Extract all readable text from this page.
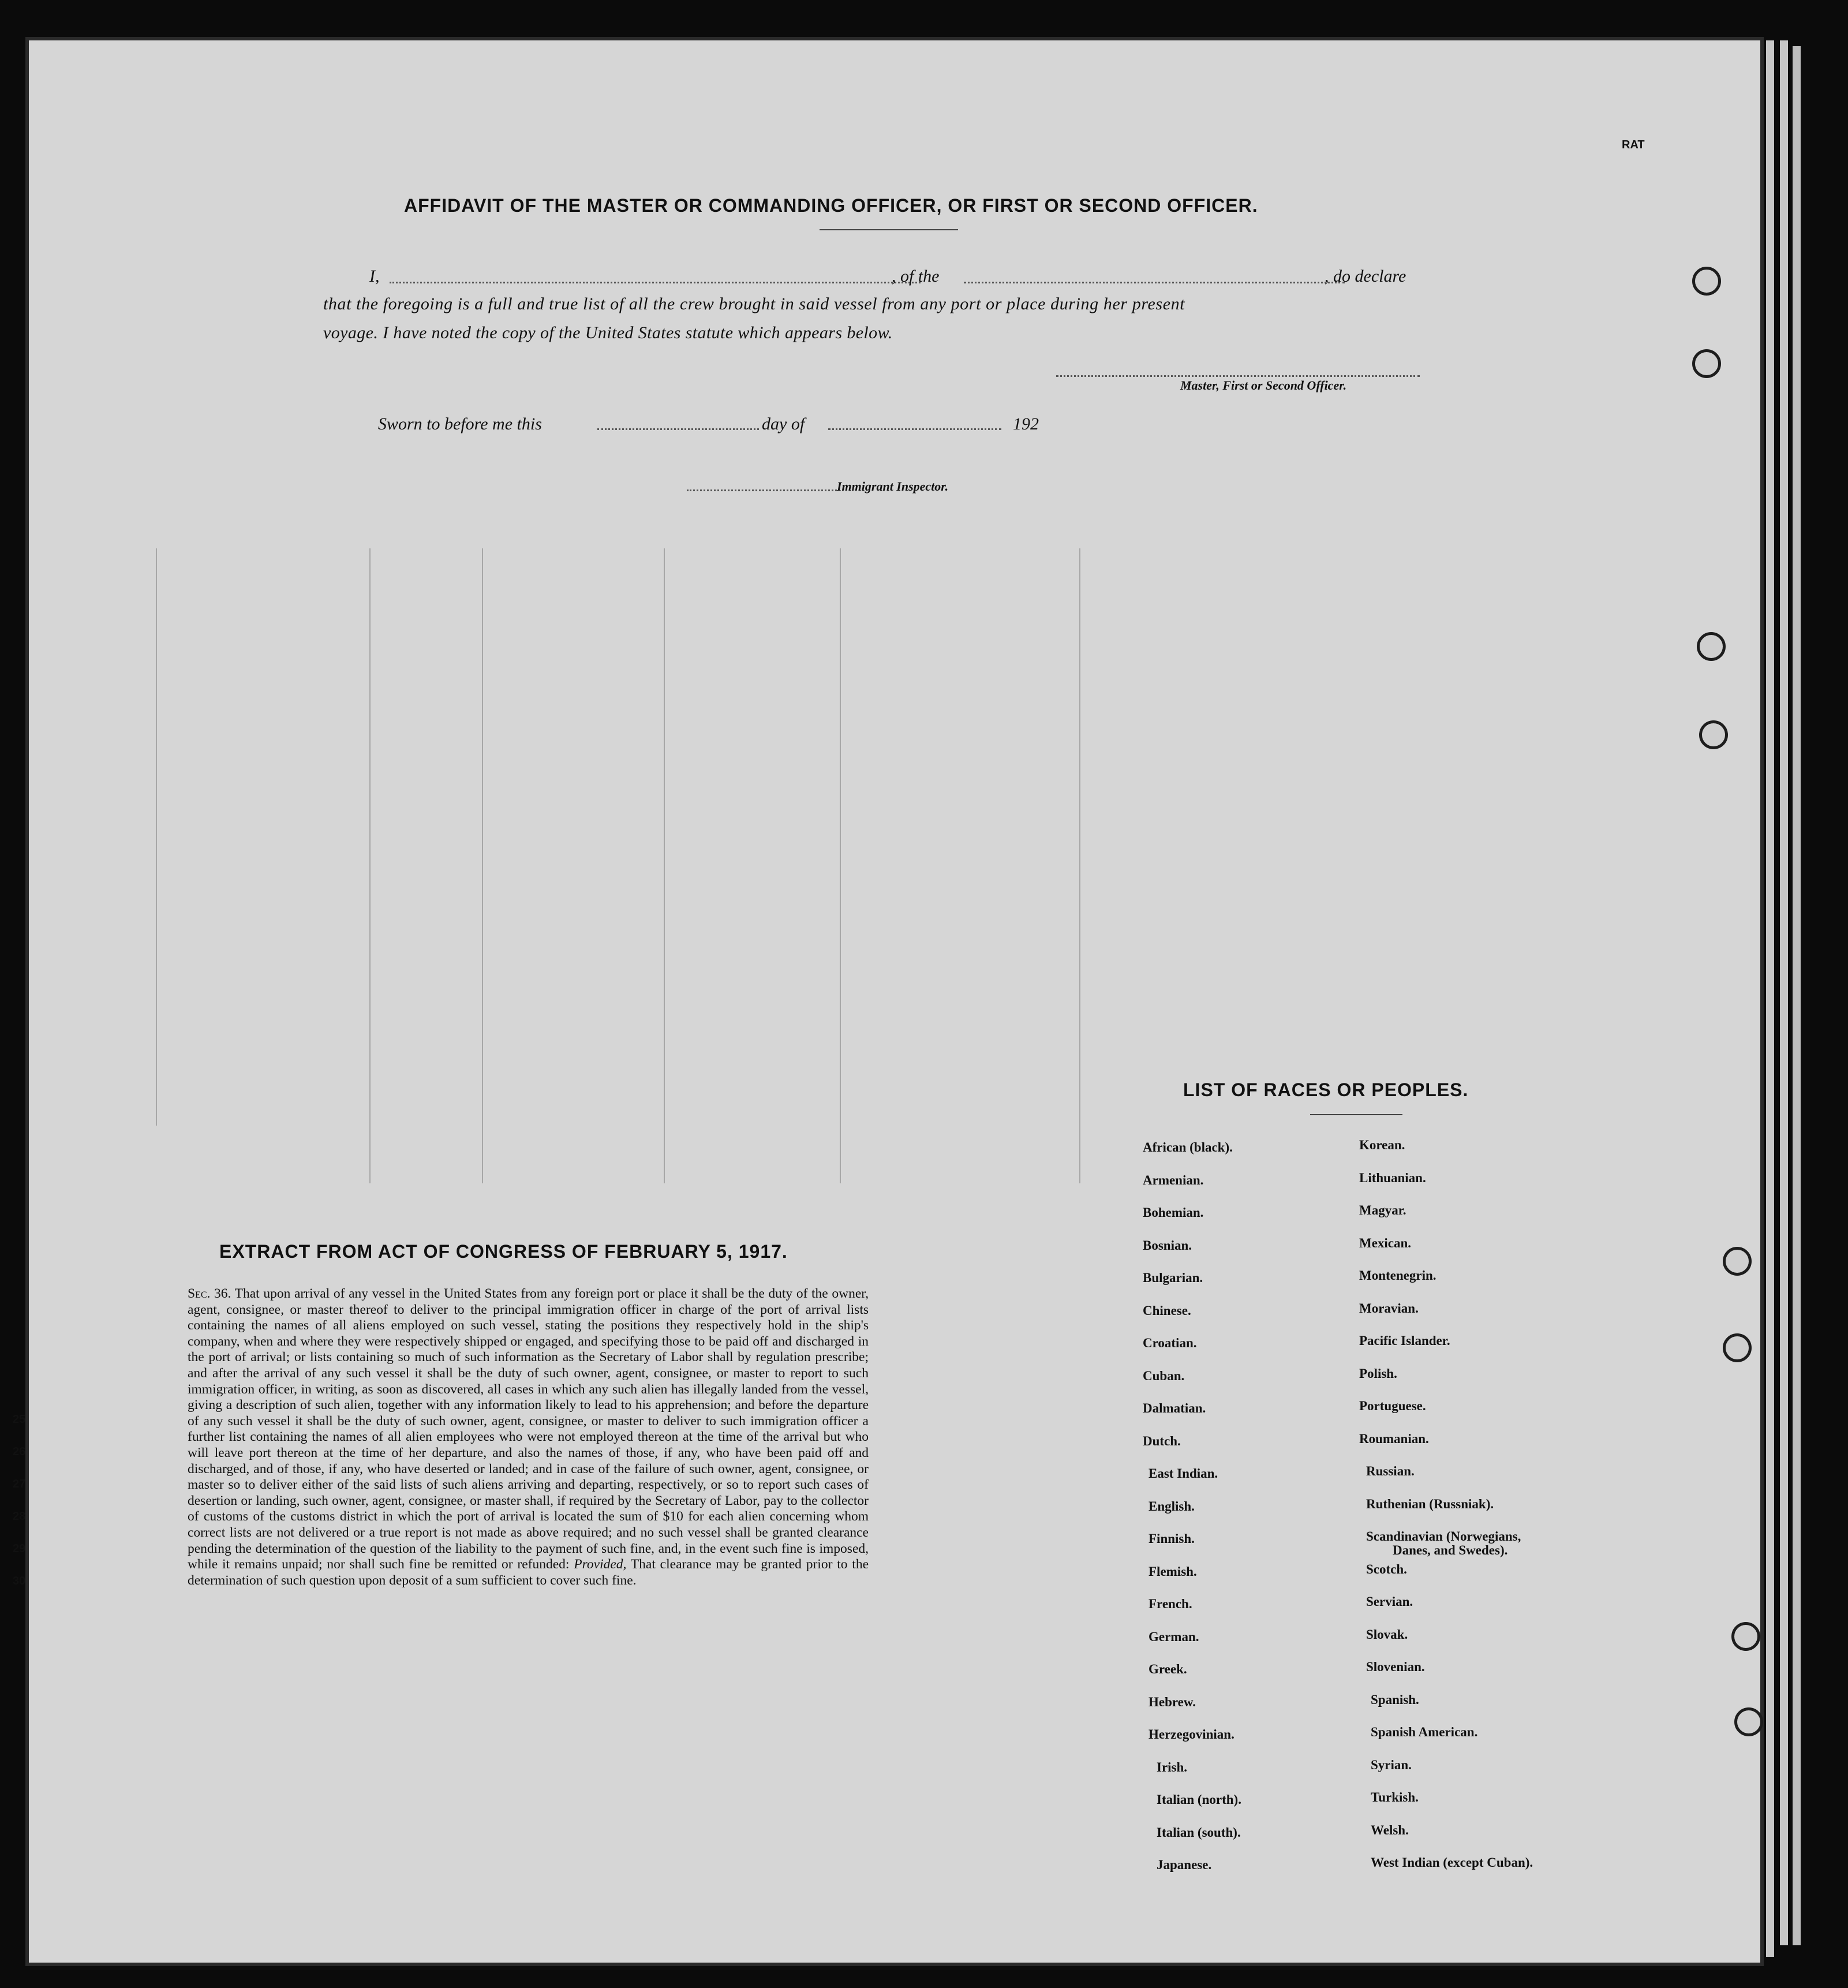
RAT
AFFIDAVIT OF THE MASTER OR COMMANDING OFFICER, OR FIRST OR SECOND OFFICER.
I,	, of the	, do declare
that the foregoing is a full and true list of all the crew brought in said vessel from any port or place during her present
voyage. I have noted the copy of the United States statute which appears below.
Master, First or Second Officer.
Sworn to before me this	day of	192
Immigrant Inspector.
EXTRACT FROM ACT OF CONGRESS OF FEBRUARY 5, 1917.
Sec. 36. That upon arrival of any vessel in the United States from any foreign port or place it shall be the duty of the owner, agent, consignee, or master thereof to deliver to the principal immigration officer in charge of the port of arrival lists containing the names of all aliens employed on such vessel, stating the positions they respectively hold in the ship's company, when and where they were respectively shipped or engaged, and specifying those to be paid off and discharged in the port of arrival; or lists containing so much of such information as the Secretary of Labor shall by regulation prescribe; and after the arrival of any such vessel it shall be the duty of such owner, agent, consignee, or master to report to such immigration officer, in writing, as soon as discovered, all cases in which any such alien has illegally landed from the vessel, giving a description of such alien, together with any information likely to lead to his apprehension; and before the departure of any such vessel it shall be the duty of such owner, agent, consignee, or master to deliver to such immigration officer a further list containing the names of all alien employees who were not employed thereon at the time of the arrival but who will leave port thereon at the time of her departure, and also the names of those, if any, who have been paid off and discharged, and of those, if any, who have deserted or landed; and in case of the failure of such owner, agent, consignee, or master so to deliver either of the said lists of such aliens arriving and departing, respectively, or so to report such cases of desertion or landing, such owner, agent, consignee, or master shall, if required by the Secretary of Labor, pay to the collector of customs of the customs district in which the port of arrival is located the sum of $10 for each alien concerning whom correct lists are not delivered or a true report is not made as above required; and no such vessel shall be granted clearance pending the determination of the question of the liability to the payment of such fine, and, in the event such fine is imposed, while it remains unpaid; nor shall such fine be remitted or refunded: Provided, That clearance may be granted prior to the determination of such question upon deposit of a sum sufficient to cover such fine.
25
26
27
28
29
30
LIST OF RACES OR PEOPLES.
African (black).
Armenian.
Bohemian.
Bosnian.
Bulgarian.
Chinese.
Croatian.
Cuban.
Dalmatian.
Dutch.
East Indian.
English.
Finnish.
Flemish.
French.
German.
Greek.
Hebrew.
Herzegovinian.
Irish.
Italian (north).
Italian (south).
Japanese.
Korean.
Lithuanian.
Magyar.
Mexican.
Montenegrin.
Moravian.
Pacific Islander.
Polish.
Portuguese.
Roumanian.
Russian.
Ruthenian (Russniak).
Scandinavian (Norwegians,
Danes, and Swedes).
Scotch.
Servian.
Slovak.
Slovenian.
Spanish.
Spanish American.
Syrian.
Turkish.
Welsh.
West Indian (except Cuban).
